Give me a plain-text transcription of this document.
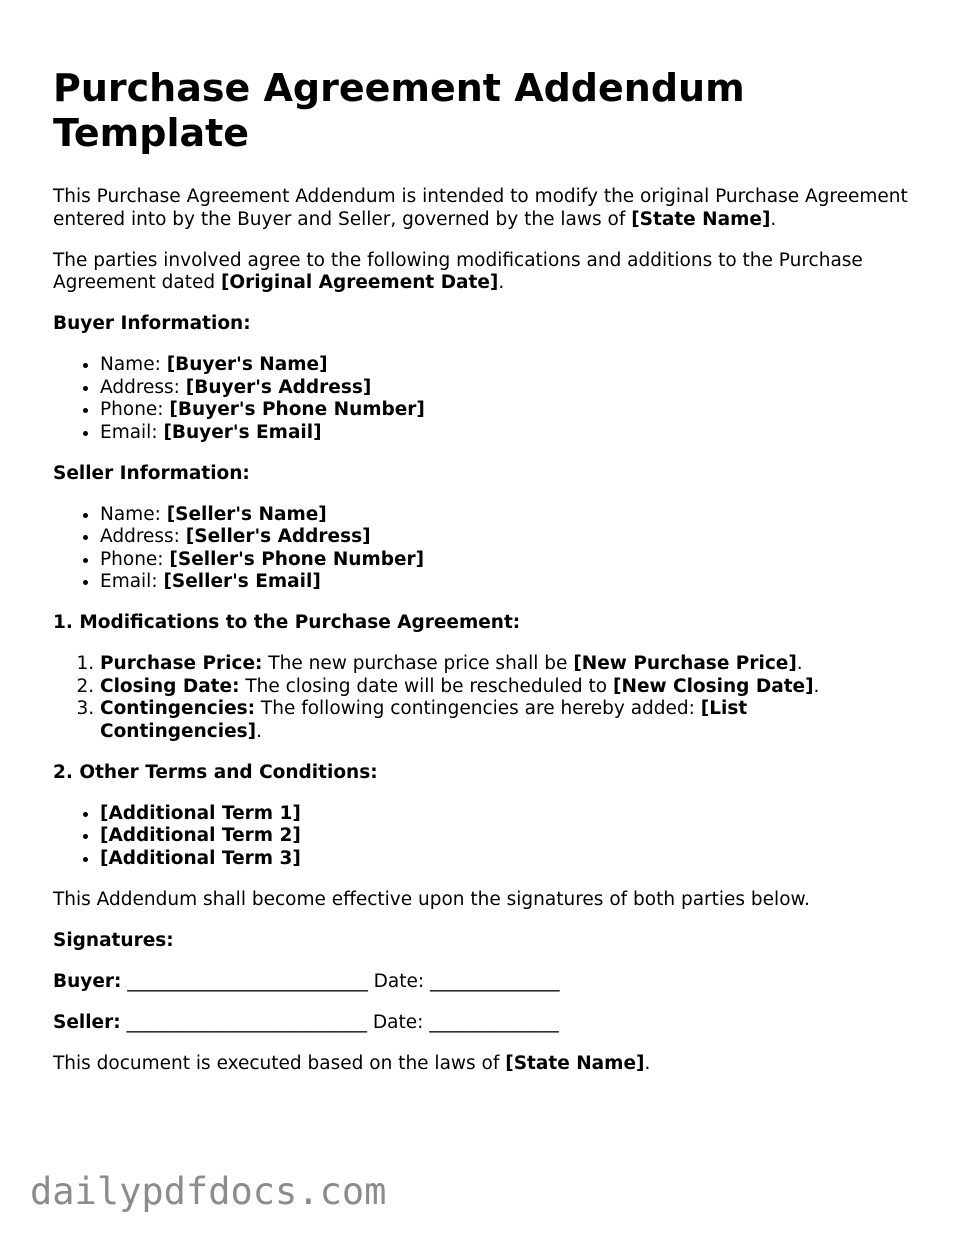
Purchase Agreement Addendum Template

This Purchase Agreement Addendum is intended to modify the original Purchase Agreement entered into by the Buyer and Seller, governed by the laws of [State Name].

The parties involved agree to the following modifications and additions to the Purchase Agreement dated [Original Agreement Date].

Buyer Information:

• Name: [Buyer's Name]
• Address: [Buyer's Address]
• Phone: [Buyer's Phone Number]
• Email: [Buyer's Email]

Seller Information:

• Name: [Seller's Name]
• Address: [Seller's Address]
• Phone: [Seller's Phone Number]
• Email: [Seller's Email]

1. Modifications to the Purchase Agreement:

1. Purchase Price: The new purchase price shall be [New Purchase Price].
2. Closing Date: The closing date will be rescheduled to [New Closing Date].
3. Contingencies: The following contingencies are hereby added: [List Contingencies].

2. Other Terms and Conditions:

• [Additional Term 1]
• [Additional Term 2]
• [Additional Term 3]

This Addendum shall become effective upon the signatures of both parties below.

Signatures:

Buyer: __________________________ Date: ______________

Seller: __________________________ Date: ______________

This document is executed based on the laws of [State Name].

dailypdfdocs.com
